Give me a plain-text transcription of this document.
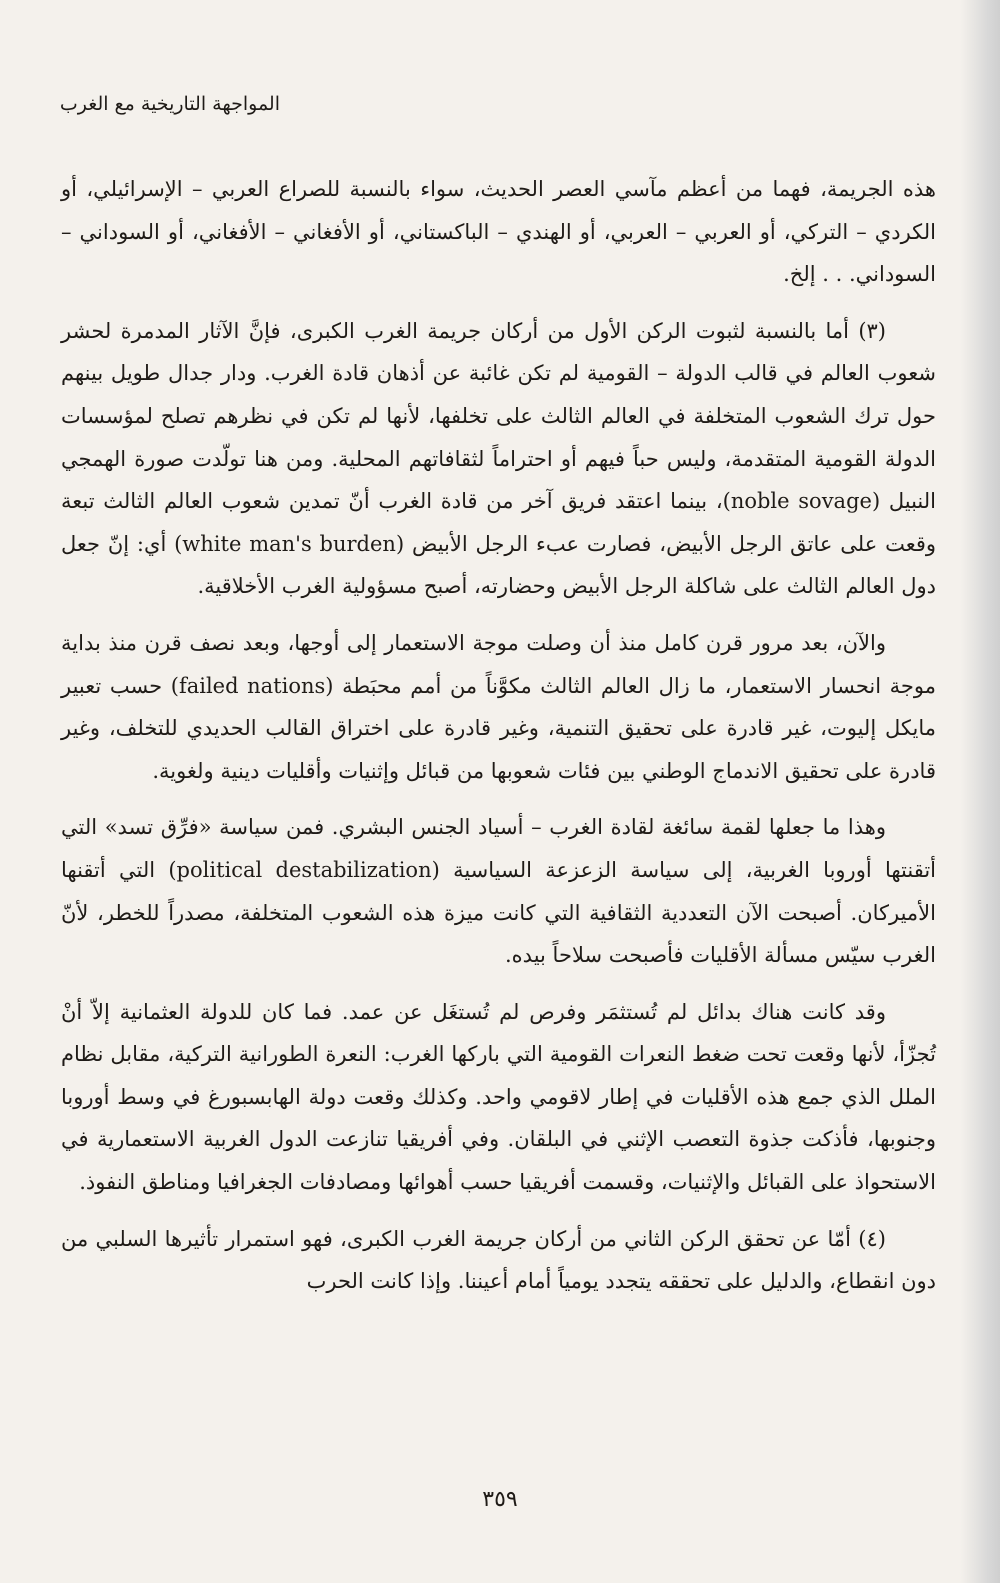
المواجهة التاريخية مع الغرب

هذه الجريمة، فهما من أعظم مآسي العصر الحديث، سواء بالنسبة للصراع العربي – الإسرائيلي، أو الكردي – التركي، أو العربي – العربي، أو الهندي – الباكستاني، أو الأفغاني – الأفغاني، أو السوداني – السوداني. . . إلخ.

(٣) أما بالنسبة لثبوت الركن الأول من أركان جريمة الغرب الكبرى، فإنَّ الآثار المدمرة لحشر شعوب العالم في قالب الدولة – القومية لم تكن غائبة عن أذهان قادة الغرب. ودار جدال طويل بينهم حول ترك الشعوب المتخلفة في العالم الثالث على تخلفها، لأنها لم تكن في نظرهم تصلح لمؤسسات الدولة القومية المتقدمة، وليس حباً فيهم أو احتراماً لثقافاتهم المحلية. ومن هنا تولّدت صورة الهمجي النبيل (noble sovage)، بينما اعتقد فريق آخر من قادة الغرب أنّ تمدين شعوب العالم الثالث تبعة وقعت على عاتق الرجل الأبيض، فصارت عبء الرجل الأبيض (white man's burden) أي: إنّ جعل دول العالم الثالث على شاكلة الرجل الأبيض وحضارته، أصبح مسؤولية الغرب الأخلاقية.

والآن، بعد مرور قرن كامل منذ أن وصلت موجة الاستعمار إلى أوجها، وبعد نصف قرن منذ بداية موجة انحسار الاستعمار، ما زال العالم الثالث مكوَّناً من أمم محبَطة (failed nations) حسب تعبير مايكل إليوت، غير قادرة على تحقيق التنمية، وغير قادرة على اختراق القالب الحديدي للتخلف، وغير قادرة على تحقيق الاندماج الوطني بين فئات شعوبها من قبائل وإثنيات وأقليات دينية ولغوية.

وهذا ما جعلها لقمة سائغة لقادة الغرب – أسياد الجنس البشري. فمن سياسة «فرِّق تسد» التي أتقنتها أوروبا الغربية، إلى سياسة الزعزعة السياسية (political destabilization) التي أتقنها الأميركان. أصبحت الآن التعددية الثقافية التي كانت ميزة هذه الشعوب المتخلفة، مصدراً للخطر، لأنّ الغرب سيّس مسألة الأقليات فأصبحت سلاحاً بيده.

وقد كانت هناك بدائل لم تُستثمَر وفرص لم تُستغَل عن عمد. فما كان للدولة العثمانية إلاّ أنْ تُجزّأ، لأنها وقعت تحت ضغط النعرات القومية التي باركها الغرب: النعرة الطورانية التركية، مقابل نظام الملل الذي جمع هذه الأقليات في إطار لاقومي واحد. وكذلك وقعت دولة الهابسبورغ في وسط أوروبا وجنوبها، فأذكت جذوة التعصب الإثني في البلقان. وفي أفريقيا تنازعت الدول الغربية الاستعمارية في الاستحواذ على القبائل والإثنيات، وقسمت أفريقيا حسب أهوائها ومصادفات الجغرافيا ومناطق النفوذ.

(٤) أمّا عن تحقق الركن الثاني من أركان جريمة الغرب الكبرى، فهو استمرار تأثيرها السلبي من دون انقطاع، والدليل على تحققه يتجدد يومياً أمام أعيننا. وإذا كانت الحرب

٣٥٩
